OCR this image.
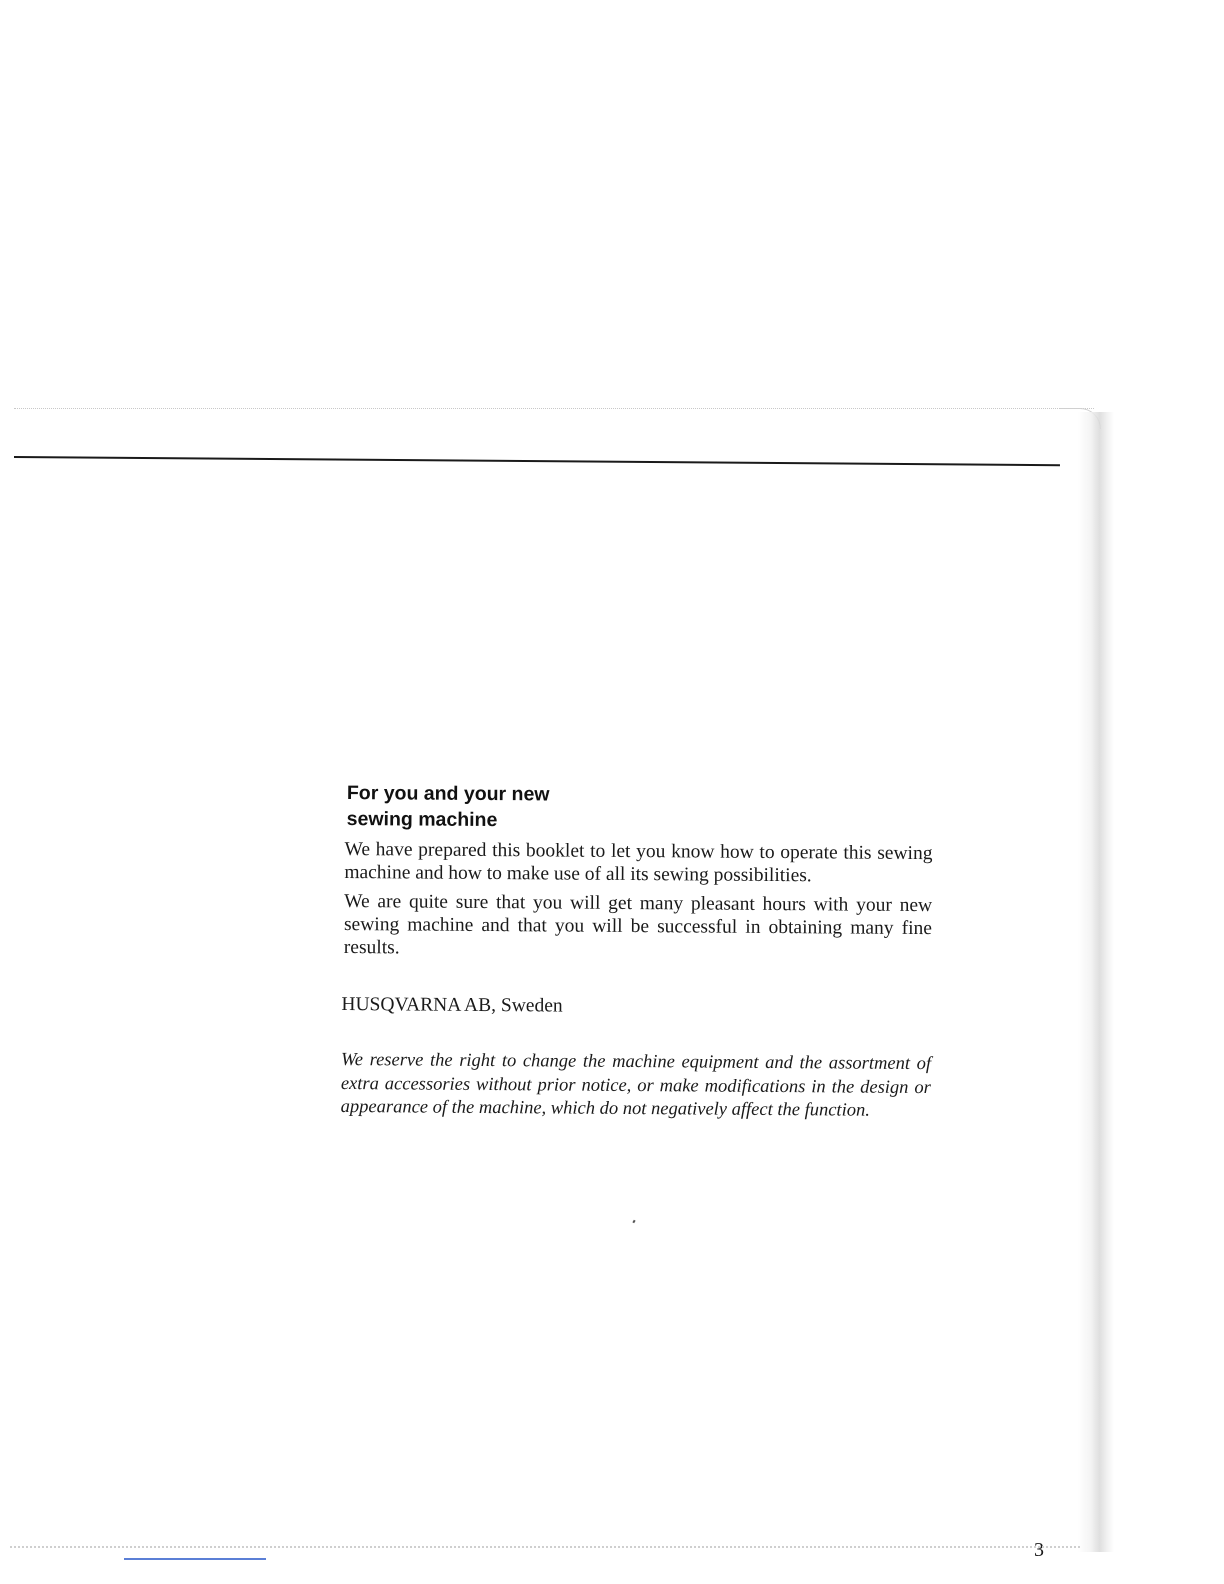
For you and your new
sewing machine

We have prepared this booklet to let you know how to operate this sewing machine and how to make use of all its sewing possibilities.

We are quite sure that you will get many pleasant hours with your new sewing machine and that you will be successful in obtaining many fine results.

HUSQVARNA AB, Sweden

We reserve the right to change the machine equipment and the assortment of extra accessories without prior notice, or make modifications in the design or appearance of the machine, which do not negatively affect the function.

3
